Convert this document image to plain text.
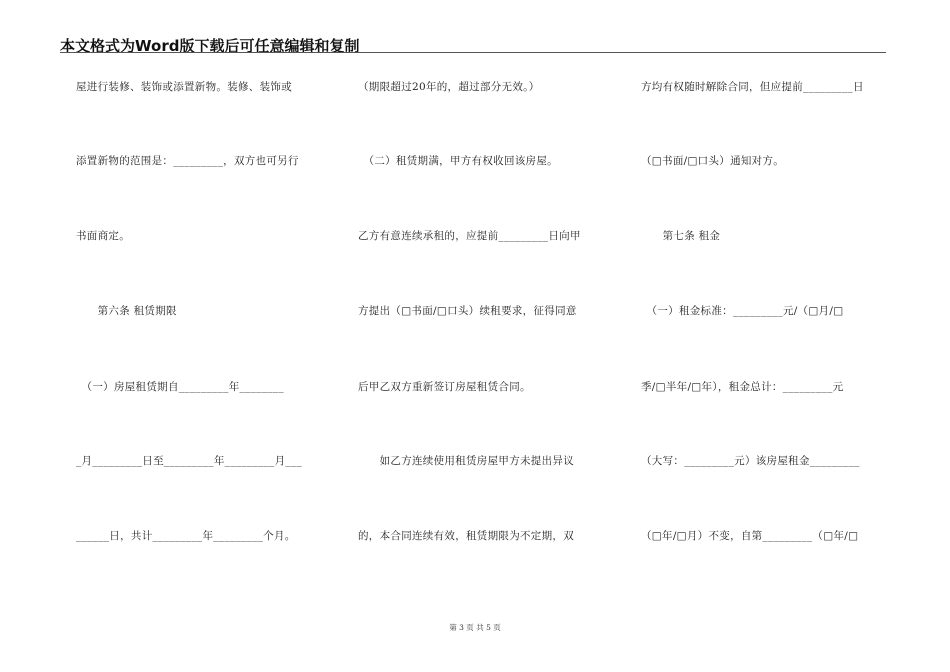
本文格式为Word版下载后可任意编辑和复制
屋进行装修、装饰或添置新物。装修、装饰或
添置新物的范围是：_________，双方也可另行
书面商定。
　　第六条 租赁期限
　（一）房屋租赁期自_________年________
_月_________日至_________年_________月___
______日，共计_________年_________个月。
（期限超过20年的，超过部分无效。）
　（二）租赁期满，甲方有权收回该房屋。
乙方有意连续承租的，应提前_________日向甲
方提出（□书面/□口头）续租要求，征得同意
后甲乙双方重新签订房屋租赁合同。
　　如乙方连续使用租赁房屋甲方未提出异议
的，本合同连续有效，租赁期限为不定期，双
方均有权随时解除合同，但应提前_________日
（□书面/□口头）通知对方。
　　第七条 租金
　（一）租金标准：_________元/（□月/□
季/□半年/□年），租金总计：_________元
（大写：_________元）该房屋租金_________
（□年/□月）不变，自第_________（□年/□
第 3 页 共 5 页
